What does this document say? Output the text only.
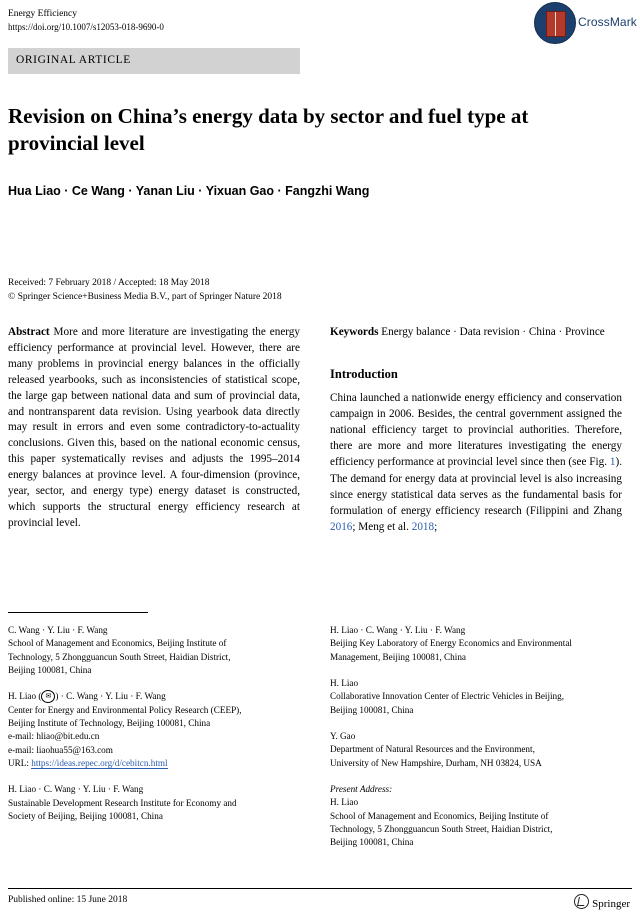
Energy Efficiency
https://doi.org/10.1007/s12053-018-9690-0	CrossMark
ORIGINAL ARTICLE
Revision on China’s energy data by sector and fuel type at provincial level
Hua Liao · Ce Wang · Yanan Liu · Yixuan Gao · Fangzhi Wang
Received: 7 February 2018 / Accepted: 18 May 2018
© Springer Science+Business Media B.V., part of Springer Nature 2018
Abstract More and more literature are investigating the energy efficiency performance at provincial level. However, there are many problems in provincial energy balances in the officially released yearbooks, such as inconsistencies of statistical scope, the large gap between national data and sum of provincial data, and nontransparent data revision. Using yearbook data directly may result in errors and even some contradictory-to-actuality conclusions. Given this, based on the national economic census, this paper systematically revises and adjusts the 1995–2014 energy balances at province level. A four-dimension (province, year, sector, and energy type) energy dataset is constructed, which supports the structural energy efficiency research at provincial level.
Keywords Energy balance · Data revision · China · Province
Introduction
China launched a nationwide energy efficiency and conservation campaign in 2006. Besides, the central government assigned the national efficiency target to provincial authorities. Therefore, there are more and more literatures investigating the energy efficiency performance at provincial level since then (see Fig. 1). The demand for energy data at provincial level is also increasing since energy statistical data serves as the fundamental basis for formulation of energy efficiency research (Filippini and Zhang 2016; Meng et al. 2018;
C. Wang · Y. Liu · F. Wang
School of Management and Economics, Beijing Institute of
Technology, 5 Zhongguancun South Street, Haidian District,
Beijing 100081, China
H. Liao ( ✉ ) · C. Wang · Y. Liu · F. Wang
Center for Energy and Environmental Policy Research (CEEP),
Beijing Institute of Technology, Beijing 100081, China
e-mail: hliao@bit.edu.cn
e-mail: liaohua55@163.com
URL: https://ideas.repec.org/d/cebitcn.html
H. Liao · C. Wang · Y. Liu · F. Wang
Sustainable Development Research Institute for Economy and
Society of Beijing, Beijing 100081, China
H. Liao · C. Wang · Y. Liu · F. Wang
Beijing Key Laboratory of Energy Economics and Environmental
Management, Beijing 100081, China
H. Liao
Collaborative Innovation Center of Electric Vehicles in Beijing,
Beijing 100081, China
Y. Gao
Department of Natural Resources and the Environment,
University of New Hampshire, Durham, NH 03824, USA
Present Address:
H. Liao
School of Management and Economics, Beijing Institute of
Technology, 5 Zhongguancun South Street, Haidian District,
Beijing 100081, China
Published online: 15 June 2018	Springer
